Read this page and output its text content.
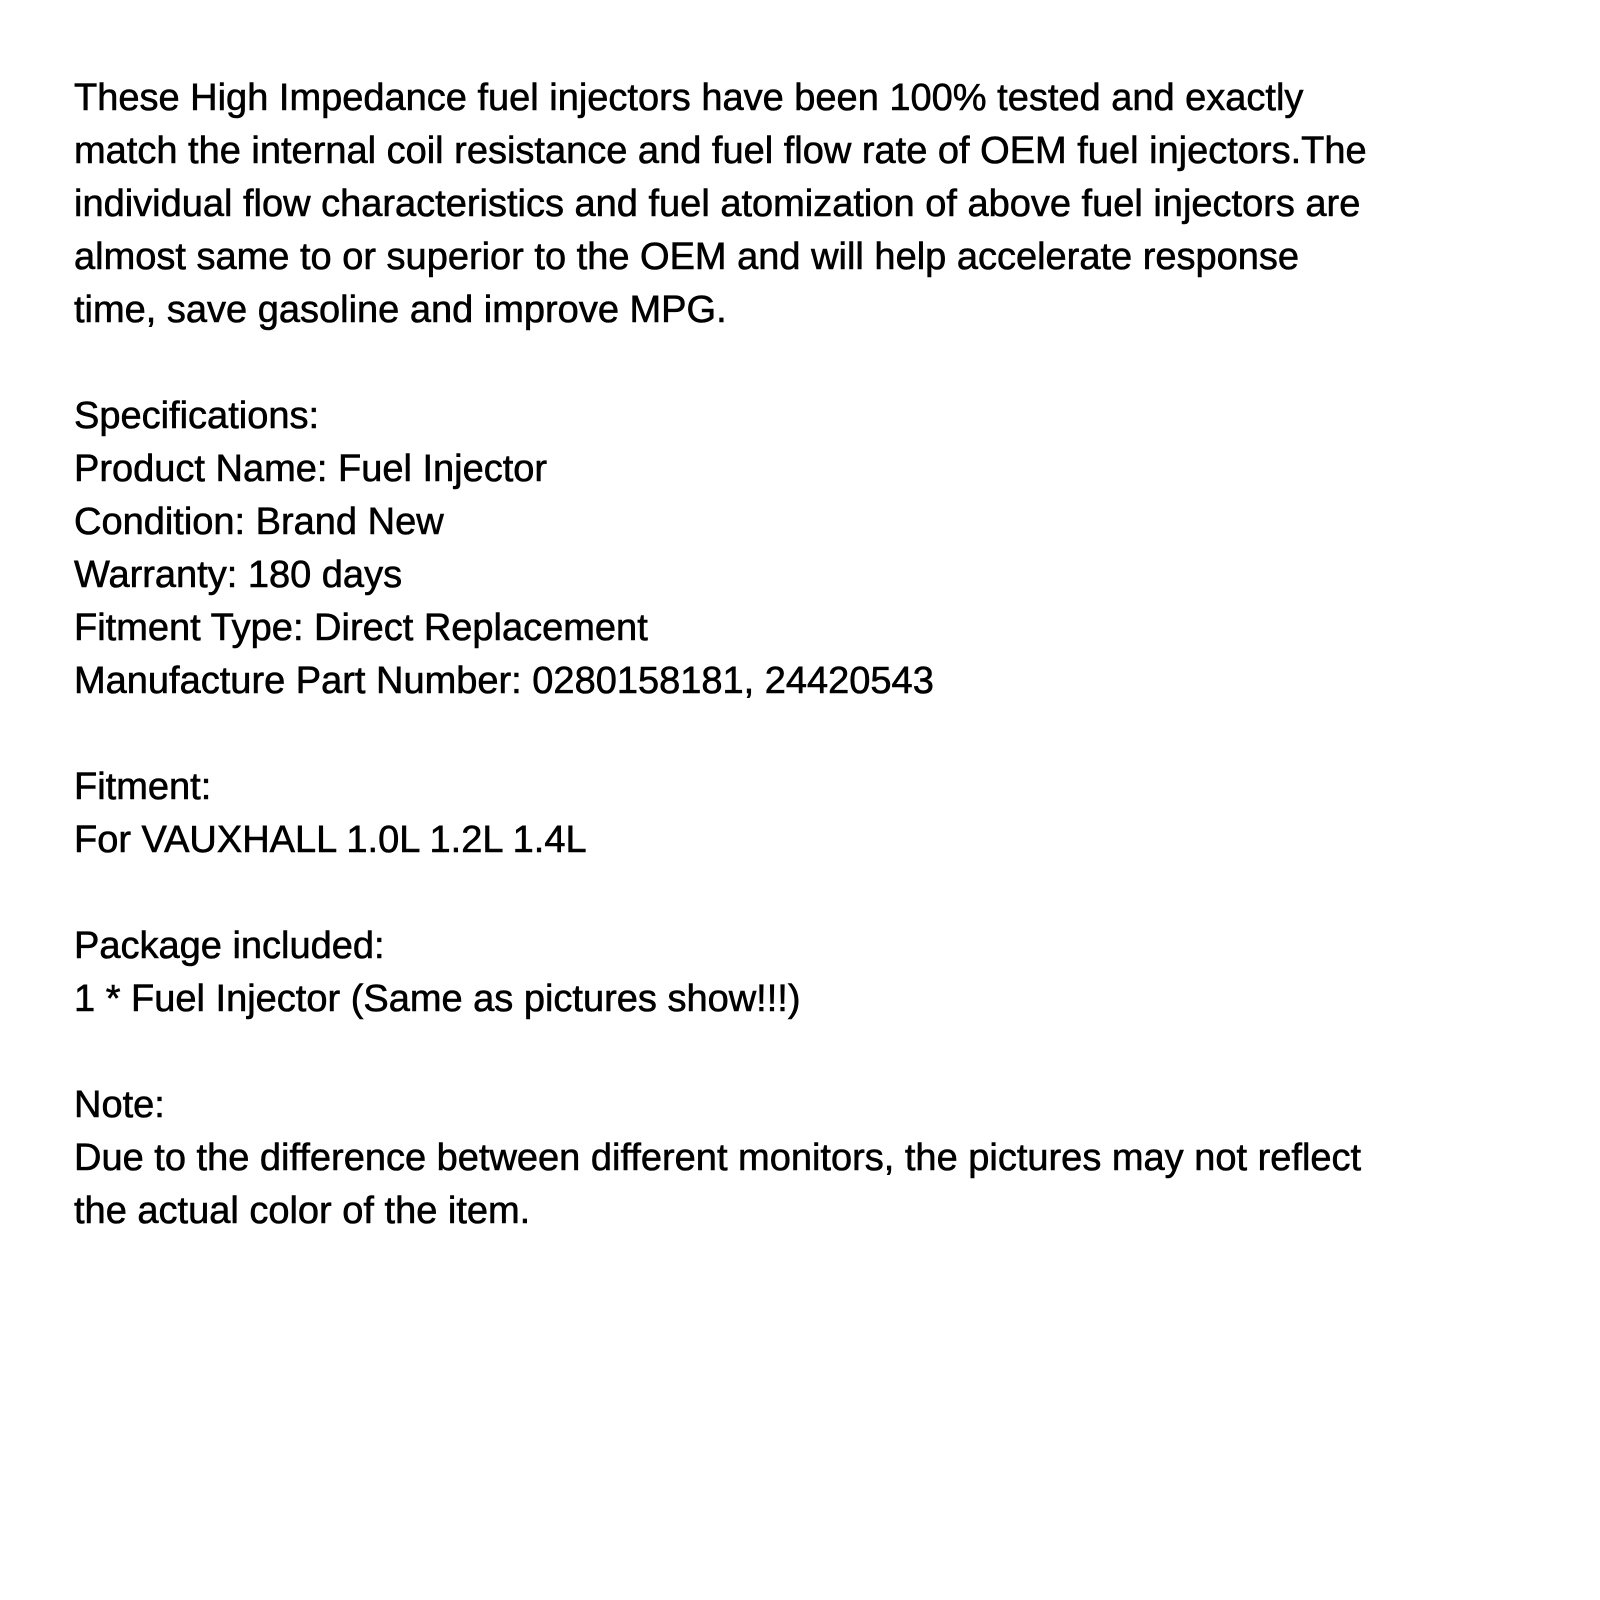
These High Impedance fuel injectors have been 100% tested and exactly
match the internal coil resistance and fuel flow rate of OEM fuel injectors.The
individual flow characteristics and fuel atomization of above fuel injectors are
almost same to or superior to the OEM and will help accelerate response
time, save gasoline and improve MPG.
Specifications:
Product Name: Fuel Injector
Condition: Brand New
Warranty: 180 days
Fitment Type: Direct Replacement
Manufacture Part Number: 0280158181, 24420543
Fitment:
For VAUXHALL 1.0L 1.2L 1.4L
Package included:
1 * Fuel Injector (Same as pictures show!!!)
Note:
Due to the difference between different monitors, the pictures may not reflect
the actual color of the item.
